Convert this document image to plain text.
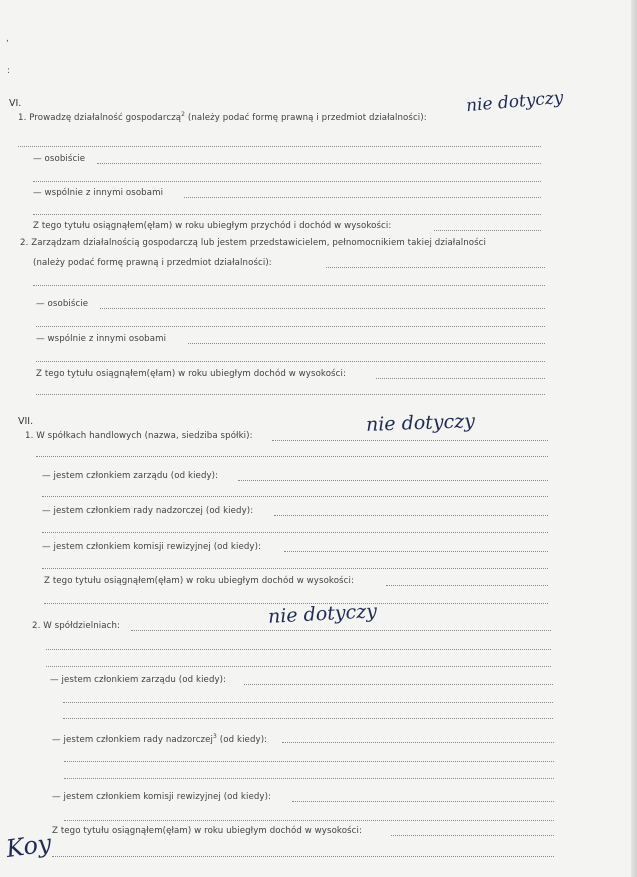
,
:
VI.
1. Prowadzę działalność gospodarczą$^2$ (należy podać formę prawną i przedmiot działalności):
nie dotyczy
— osobiście
— wspólnie z innymi osobami
Z tego tytułu osiągnąłem(ęłam) w roku ubiegłym przychód i dochód w wysokości:
2. Zarządzam działalnością gospodarczą lub jestem przedstawicielem, pełnomocnikiem takiej działalności
(należy podać formę prawną i przedmiot działalności):
— osobiście
— wspólnie z innymi osobami
Z tego tytułu osiągnąłem(ęłam) w roku ubiegłym dochód w wysokości:
VII.
1. W spółkach handlowych (nazwa, siedziba spółki):
nie dotyczy
— jestem członkiem zarządu (od kiedy):
— jestem członkiem rady nadzorczej (od kiedy):
— jestem członkiem komisji rewizyjnej (od kiedy):
Z tego tytułu osiągnąłem(ęłam) w roku ubiegłym dochód w wysokości:
2. W spółdzielniach:	nie dotyczy
— jestem członkiem zarządu (od kiedy):
— jestem członkiem rady nadzorczej$^3$ (od kiedy):
— jestem członkiem komisji rewizyjnej (od kiedy):
Z tego tytułu osiągnąłem(ęłam) w roku ubiegłym dochód w wysokości:
Koy
